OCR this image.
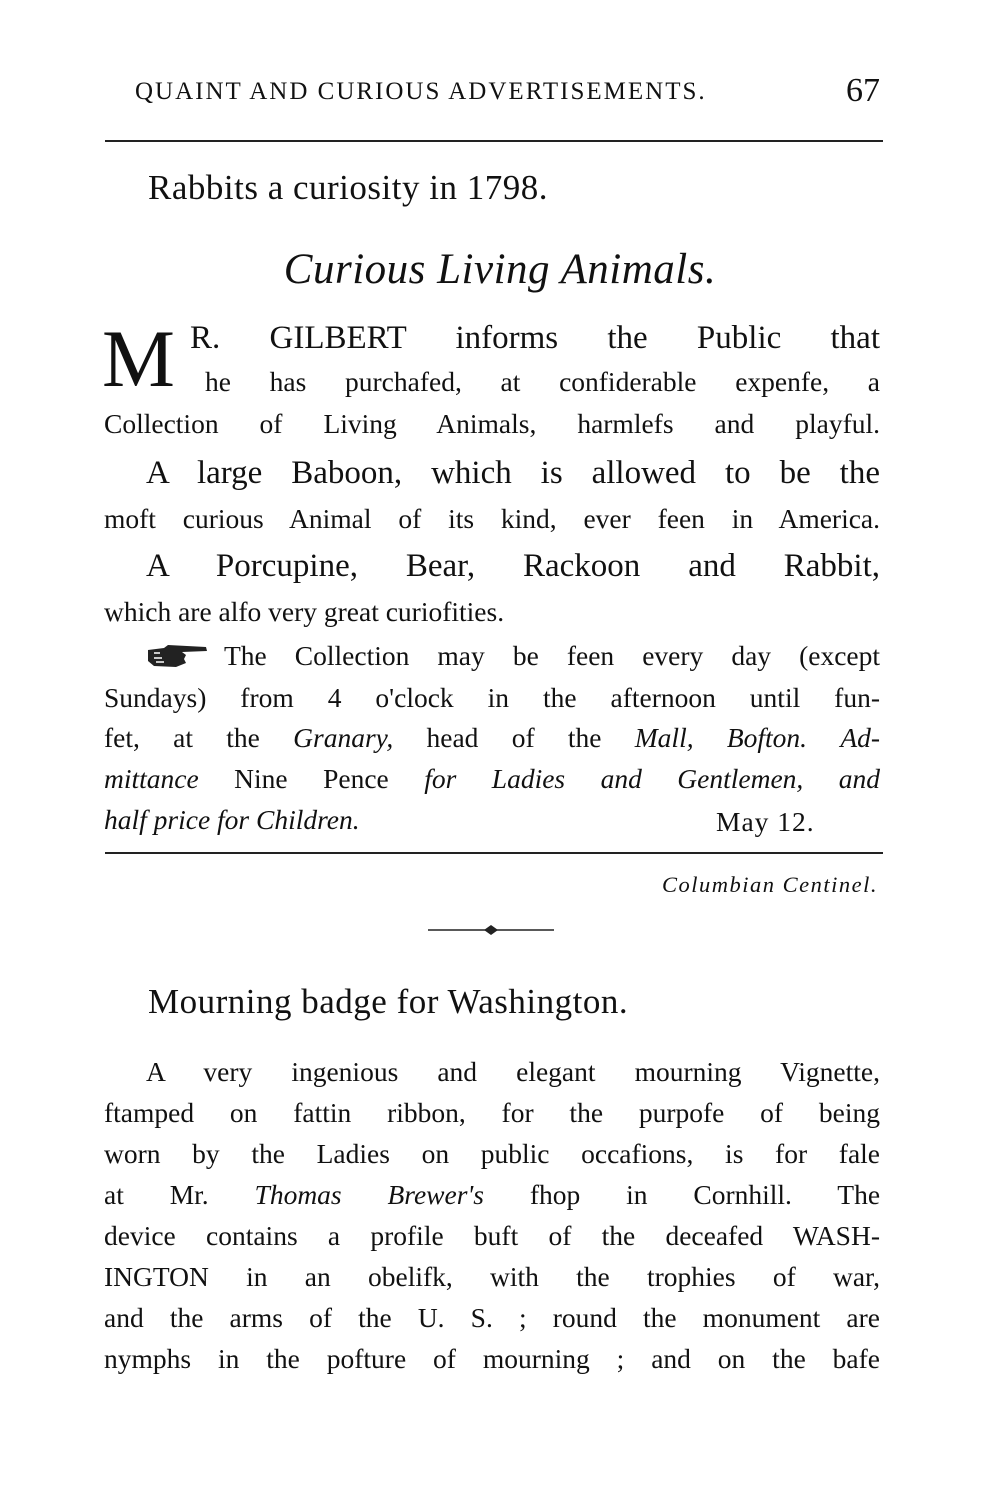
QUAINT AND CURIOUS ADVERTISEMENTS.	67
Rabbits a curiosity in 1798.
Curious Living Animals.
M R. GILBERT informs the Public that
he has purchafed, at confiderable expenfe, a
Collection of Living Animals, harmlefs and playful.
A large Baboon, which is allowed to be the
moft curious Animal of its kind, ever feen in America.
A Porcupine, Bear, Rackoon and Rabbit,
which are alfo very great curiofities.
The Collection may be feen every day (except
Sundays) from 4 o'clock in the afternoon until fun-
fet, at the Granary, head of the Mall, Bofton. Ad-
mittance Nine Pence for Ladies and Gentlemen, and
half price for Children.	May 12.
Columbian Centinel.
Mourning badge for Washington.
A very ingenious and elegant mourning Vignette,
ftamped on fattin ribbon, for the purpofe of being
worn by the Ladies on public occafions, is for fale
at Mr. Thomas Brewer's fhop in Cornhill. The
device contains a profile buft of the deceafed WASH-
INGTON in an obelifk, with the trophies of war,
and the arms of the U. S. ; round the monument are
nymphs in the pofture of mourning ; and on the bafe
